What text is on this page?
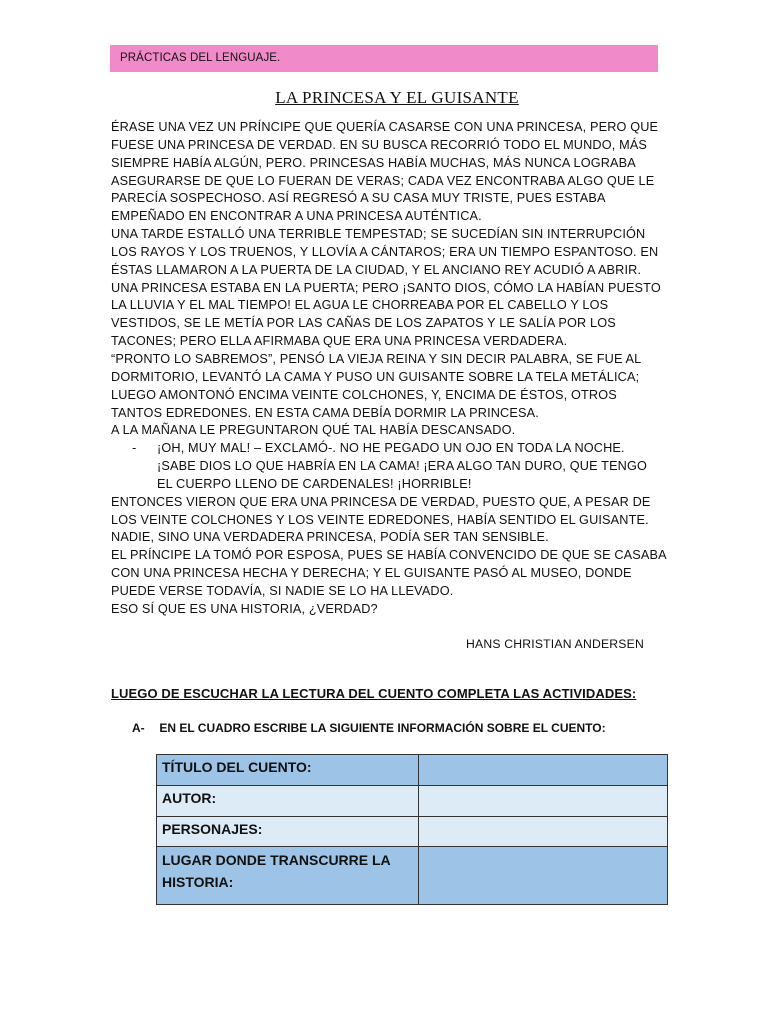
PRÁCTICAS DEL LENGUAJE.
LA PRINCESA Y EL GUISANTE
ÉRASE UNA VEZ UN PRÍNCIPE QUE QUERÍA CASARSE CON UNA PRINCESA, PERO QUE
FUESE UNA PRINCESA DE VERDAD. EN SU BUSCA RECORRIÓ TODO EL MUNDO, MÁS
SIEMPRE HABÍA ALGÚN, PERO. PRINCESAS HABÍA MUCHAS, MÁS NUNCA LOGRABA
ASEGURARSE DE QUE LO FUERAN DE VERAS; CADA VEZ ENCONTRABA ALGO QUE LE
PARECÍA SOSPECHOSO. ASÍ REGRESÓ A SU CASA MUY TRISTE, PUES ESTABA
EMPEÑADO EN ENCONTRAR A UNA PRINCESA AUTÉNTICA.
UNA TARDE ESTALLÓ UNA TERRIBLE TEMPESTAD; SE SUCEDÍAN SIN INTERRUPCIÓN
LOS RAYOS Y LOS TRUENOS, Y LLOVÍA A CÁNTAROS; ERA UN TIEMPO ESPANTOSO. EN
ÉSTAS LLAMARON A LA PUERTA DE LA CIUDAD, Y EL ANCIANO REY ACUDIÓ A ABRIR.
UNA PRINCESA ESTABA EN LA PUERTA; PERO ¡SANTO DIOS, CÓMO LA HABÍAN PUESTO
LA LLUVIA Y EL MAL TIEMPO! EL AGUA LE CHORREABA POR EL CABELLO Y LOS
VESTIDOS, SE LE METÍA POR LAS CAÑAS DE LOS ZAPATOS Y LE SALÍA POR LOS
TACONES; PERO ELLA AFIRMABA QUE ERA UNA PRINCESA VERDADERA.
“PRONTO LO SABREMOS”, PENSÓ LA VIEJA REINA Y SIN DECIR PALABRA, SE FUE AL
DORMITORIO, LEVANTÓ LA CAMA Y PUSO UN GUISANTE SOBRE LA TELA METÁLICA;
LUEGO AMONTONÓ ENCIMA VEINTE COLCHONES, Y, ENCIMA DE ÉSTOS, OTROS
TANTOS EDREDONES. EN ESTA CAMA DEBÍA DORMIR LA PRINCESA.
A LA MAÑANA LE PREGUNTARON QUÉ TAL HABÍA DESCANSADO.
- ¡OH, MUY MAL! – EXCLAMÓ-. NO HE PEGADO UN OJO EN TODA LA NOCHE.
¡SABE DIOS LO QUE HABRÍA EN LA CAMA! ¡ERA ALGO TAN DURO, QUE TENGO
EL CUERPO LLENO DE CARDENALES! ¡HORRIBLE!
ENTONCES VIERON QUE ERA UNA PRINCESA DE VERDAD, PUESTO QUE, A PESAR DE
LOS VEINTE COLCHONES Y LOS VEINTE EDREDONES, HABÍA SENTIDO EL GUISANTE.
NADIE, SINO UNA VERDADERA PRINCESA, PODÍA SER TAN SENSIBLE.
EL PRÍNCIPE LA TOMÓ POR ESPOSA, PUES SE HABÍA CONVENCIDO DE QUE SE CASABA
CON UNA PRINCESA HECHA Y DERECHA; Y EL GUISANTE PASÓ AL MUSEO, DONDE
PUEDE VERSE TODAVÍA, SI NADIE SE LO HA LLEVADO.
ESO SÍ QUE ES UNA HISTORIA, ¿VERDAD?
HANS CHRISTIAN ANDERSEN
LUEGO DE ESCUCHAR LA LECTURA DEL CUENTO COMPLETA LAS ACTIVIDADES:
A- EN EL CUADRO ESCRIBE LA SIGUIENTE INFORMACIÓN SOBRE EL CUENTO:
TÍTULO DEL CUENTO:	
AUTOR:	
PERSONAJES:	

LUGAR DONDE TRANSCURRE LA
HISTORIA:	
